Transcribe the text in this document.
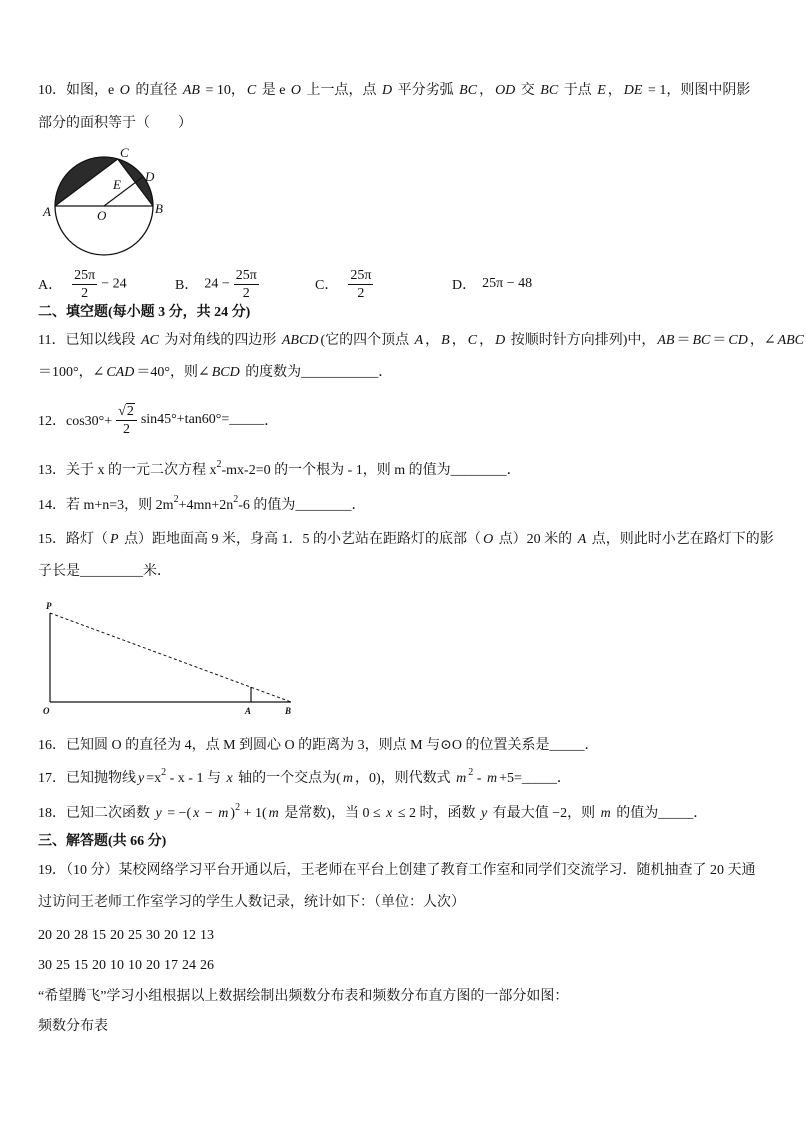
10．如图，e O 的直径 AB = 10， C 是 e O 上一点，点 D 平分劣弧 BC ， OD 交 BC 于点 E ， DE = 1，则图中阴影
部分的面积等于（　　）
A	O	B
C
D
E
A． $\frac{25\pi}{2} - 24$	B． $24 - \frac{25\pi}{2}$	C． $\frac{25\pi}{2}$	D． 25π − 48
二、填空题(每小题 3 分，共 24 分)
11．已知以线段 AC 为对角线的四边形 ABCD (它的四个顶点 A ， B ， C ， D 按顺时针方向排列)中， AB ＝ BC ＝ CD ，∠ ABC
＝100°，∠ CAD ＝40°，则∠ BCD 的度数为___________．
12．cos30°+
√ $\frac{2}{2} \sin 45^\circ+\tan 60^\circ=$ _____ ．
13．关于 x 的一元二次方程 $x^2-mx-2=0$ 的一个根为 - 1，则 m 的值为________．
14．若 m+n=3，则 $2m^2+4mn+2n^2-6$ 的值为________．
15．路灯（ P 点）距地面高 9 米，身高 1．5 的小艺站在距路灯的底部（ O 点）20 米的 A 点，则此时小艺在路灯下的影
子长是_________米．
P
O	A	B
16．已知圆 O 的直径为 4，点 M 到圆心 O 的距离为 3，则点 M 与⊙O 的位置关系是_____．
17．已知抛物线 $y =x^2 - x - 1$ 与 x 轴的一个交点为( m ，0)，则代数式 m $^2$ - m +5=_____．
18．已知二次函数 y = −( x − m )$^2$ + 1( m 是常数)，当 0 ≤ x ≤ 2 时，函数 y 有最大值 −2，则 m 的值为_____．
三、解答题(共 66 分)
19．（10 分）某校网络学习平台开通以后，王老师在平台上创建了教育工作室和同学们交流学习．随机抽查了 20 天通
过访问王老师工作室学习的学生人数记录，统计如下：（单位：人次）
20 20 28 15 20 25 30 20 12 13
30 25 15 20 10 10 20 17 24 26
“希望腾飞”学习小组根据以上数据绘制出频数分布表和频数分布直方图的一部分如图：
频数分布表
